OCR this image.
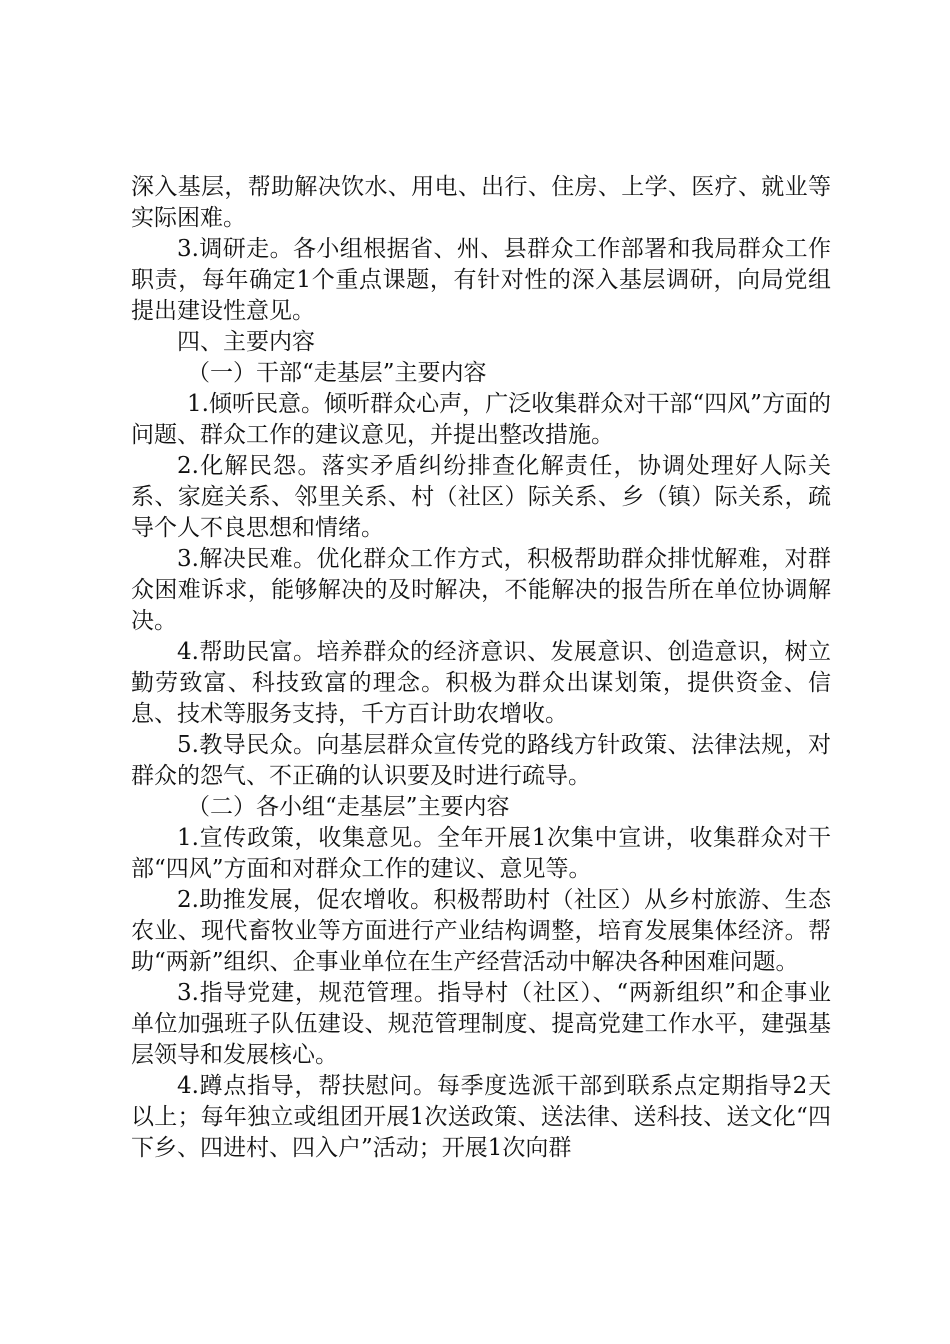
深入基层，帮助解决饮水、用电、出行、住房、上学、医疗、就业等实际困难。

3.调研走。各小组根据省、州、县群众工作部署和我局群众工作职责，每年确定1个重点课题，有针对性的深入基层调研，向局党组提出建设性意见。

四、主要内容

（一）干部“走基层”主要内容

1.倾听民意。倾听群众心声，广泛收集群众对干部“四风”方面的问题、群众工作的建议意见，并提出整改措施。

2.化解民怨。落实矛盾纠纷排查化解责任，协调处理好人际关系、家庭关系、邻里关系、村（社区）际关系、乡（镇）际关系，疏导个人不良思想和情绪。

3.解决民难。优化群众工作方式，积极帮助群众排忧解难，对群众困难诉求，能够解决的及时解决，不能解决的报告所在单位协调解决。

4.帮助民富。培养群众的经济意识、发展意识、创造意识，树立勤劳致富、科技致富的理念。积极为群众出谋划策，提供资金、信息、技术等服务支持，千方百计助农增收。

5.教导民众。向基层群众宣传党的路线方针政策、法律法规，对群众的怨气、不正确的认识要及时进行疏导。

（二）各小组“走基层”主要内容

1.宣传政策，收集意见。全年开展1次集中宣讲，收集群众对干部“四风”方面和对群众工作的建议、意见等。

2.助推发展，促农增收。积极帮助村（社区）从乡村旅游、生态农业、现代畜牧业等方面进行产业结构调整，培育发展集体经济。帮助“两新”组织、企事业单位在生产经营活动中解决各种困难问题。

3.指导党建，规范管理。指导村（社区）、“两新组织”和企事业单位加强班子队伍建设、规范管理制度、提高党建工作水平，建强基层领导和发展核心。

4.蹲点指导，帮扶慰问。每季度选派干部到联系点定期指导2天以上；每年独立或组团开展1次送政策、送法律、送科技、送文化“四下乡、四进村、四入户”活动；开展1次向群
